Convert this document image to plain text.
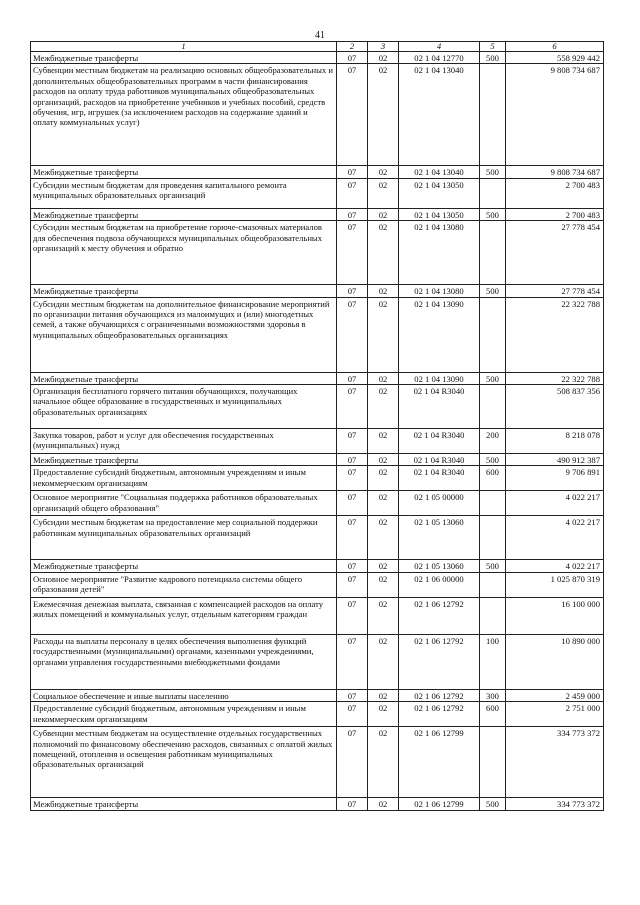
41
1	2	3	4	5	6
Межбюджетные трансферты	07	02	02 1 04 12770	500	558 929 442
Субвенции местным бюджетам на реализацию основных общеобразовательных и дополнительных общеобразовательных программ в части финансирования расходов на оплату труда работников муниципальных общеобразовательных организаций, расходов на приобретение учебников и учебных пособий, средств обучения, игр, игрушек (за исключением расходов на содержание зданий и оплату коммунальных услуг)	07	02	02 1 04 13040		9 808 734 687
Межбюджетные трансферты	07	02	02 1 04 13040	500	9 808 734 687
Субсидии местным бюджетам для проведения капитального ремонта муниципальных образовательных организаций	07	02	02 1 04 13050		2 700 483
Межбюджетные трансферты	07	02	02 1 04 13050	500	2 700 483
Субсидии местным бюджетам на приобретение горюче-смазочных материалов для обеспечения подвоза обучающихся муниципальных общеобразовательных организаций к месту обучения и обратно	07	02	02 1 04 13080		27 778 454
Межбюджетные трансферты	07	02	02 1 04 13080	500	27 778 454
Субсидии местным бюджетам на дополнительное финансирование мероприятий по организации питания обучающихся из малоимущих и (или) многодетных семей, а также обучающихся с ограниченными возможностями здоровья в муниципальных общеобразовательных организациях	07	02	02 1 04 13090		22 322 788
Межбюджетные трансферты	07	02	02 1 04 13090	500	22 322 788
Организация бесплатного горячего питания обучающихся, получающих начальное общее образование в государственных и муниципальных образовательных организациях	07	02	02 1 04 R3040		508 837 356
Закупка товаров, работ и услуг для обеспечения государственных (муниципальных) нужд	07	02	02 1 04 R3040	200	8 218 078
Межбюджетные трансферты	07	02	02 1 04 R3040	500	490 912 387
Предоставление субсидий бюджетным, автономным учреждениям и иным некоммерческим организациям	07	02	02 1 04 R3040	600	9 706 891
Основное мероприятие "Социальная поддержка работников образовательных организаций общего образования"	07	02	02 1 05 00000		4 022 217
Субсидии местным бюджетам на предоставление мер социальной поддержки работникам муниципальных образовательных организаций	07	02	02 1 05 13060		4 022 217
Межбюджетные трансферты	07	02	02 1 05 13060	500	4 022 217
Основное мероприятие "Развитие кадрового потенциала системы общего образования детей"	07	02	02 1 06 00000		1 025 870 319
Ежемесячная денежная выплата, связанная с компенсацией расходов на оплату жилых помещений и коммунальных услуг, отдельным категориям граждан	07	02	02 1 06 12792		16 100 000
Расходы на выплаты персоналу в целях обеспечения выполнения функций государственными (муниципальными) органами, казенными учреждениями, органами управления государственными внебюджетными фондами	07	02	02 1 06 12792	100	10 890 000
Социальное обеспечение и иные выплаты населению	07	02	02 1 06 12792	300	2 459 000
Предоставление субсидий бюджетным, автономным учреждениям и иным некоммерческим организациям	07	02	02 1 06 12792	600	2 751 000
Субвенции местным бюджетам на осуществление отдельных государственных полномочий по финансовому обеспечению расходов, связанных с оплатой жилых помещений, отопления и освещения работникам муниципальных образовательных организаций	07	02	02 1 06 12799		334 773 372
Межбюджетные трансферты	07	02	02 1 06 12799	500	334 773 372
